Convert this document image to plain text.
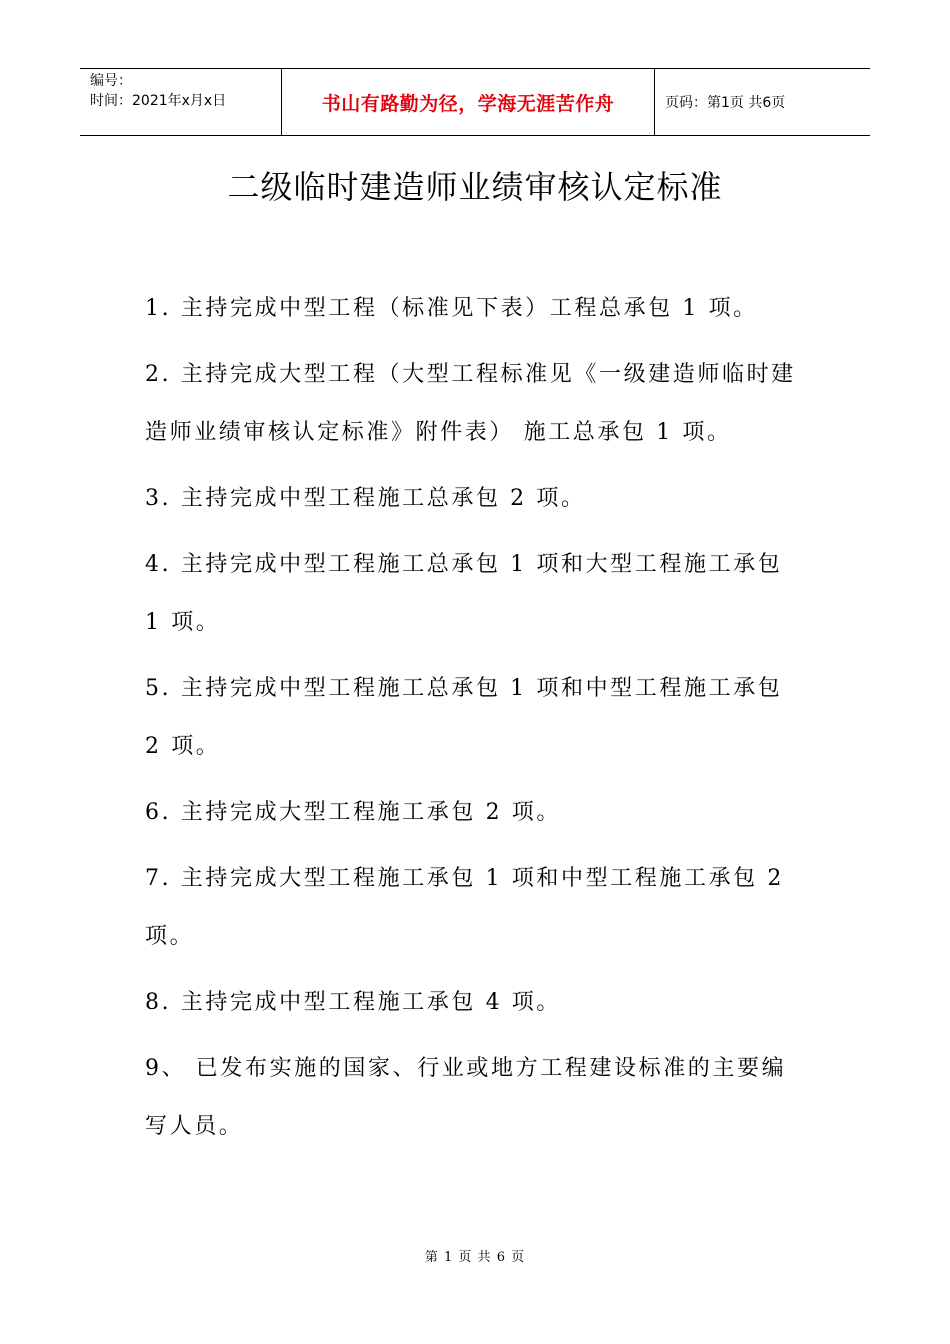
编号：
时间：2021年x月x日	书山有路勤为径，学海无涯苦作舟	页码：第1页 共6页
二级临时建造师业绩审核认定标准
1. 主持完成中型工程（标准见下表）工程总承包 1 项。
2. 主持完成大型工程（大型工程标准见《一级建造师临时建造师业绩审核认定标准》附件表） 施工总承包 1 项。
3. 主持完成中型工程施工总承包 2 项。
4. 主持完成中型工程施工总承包 1 项和大型工程施工承包 1 项。
5. 主持完成中型工程施工总承包 1 项和中型工程施工承包 2 项。
6. 主持完成大型工程施工承包 2 项。
7. 主持完成大型工程施工承包 1 项和中型工程施工承包 2 项。
8. 主持完成中型工程施工承包 4 项。
9、 已发布实施的国家、行业或地方工程建设标准的主要编写人员。
第 1 页 共 6 页
